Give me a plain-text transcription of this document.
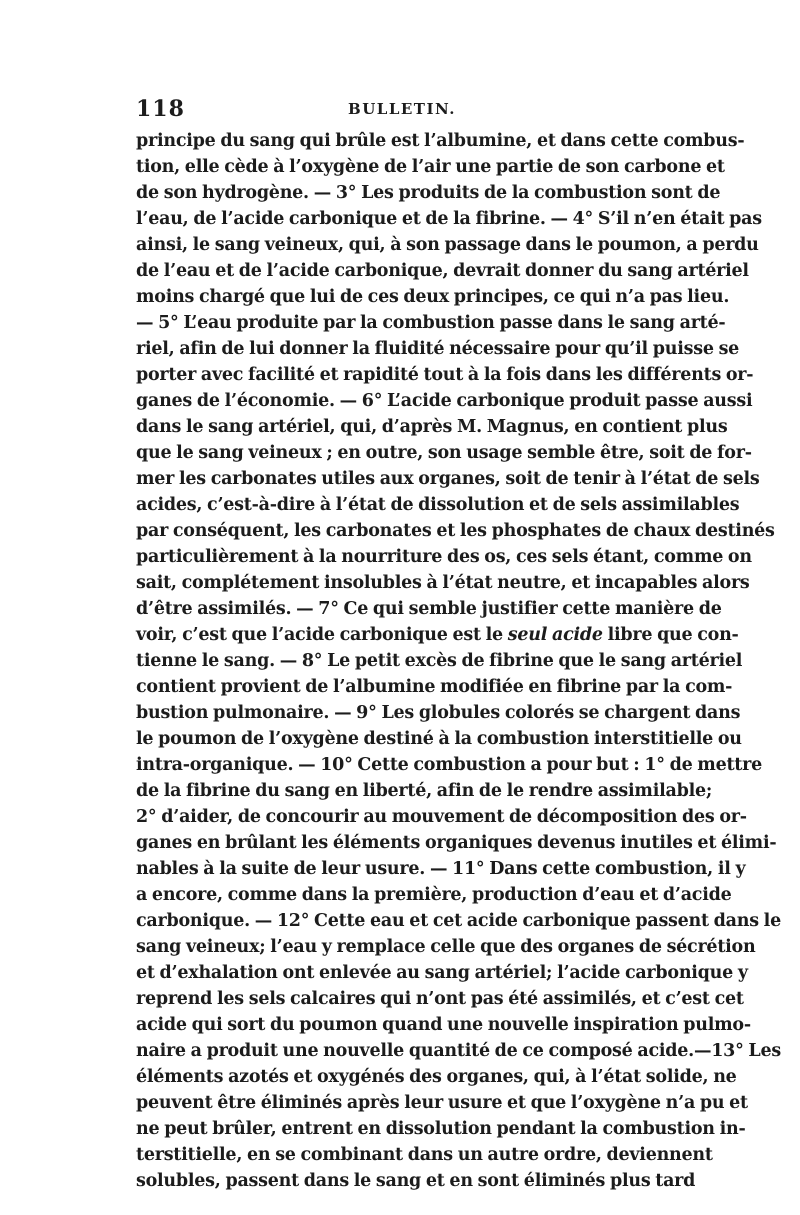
118	BULLETIN.
principe du sang qui brûle est l’albumine, et dans cette combus-
tion, elle cède à l’oxygène de l’air une partie de son carbone et
de son hydrogène. — 3° Les produits de la combustion sont de
l’eau, de l’acide carbonique et de la fibrine. — 4° S’il n’en était pas
ainsi, le sang veineux, qui, à son passage dans le poumon, a perdu
de l’eau et de l’acide carbonique, devrait donner du sang artériel
moins chargé que lui de ces deux principes, ce qui n’a pas lieu.
— 5° L’eau produite par la combustion passe dans le sang arté-
riel, afin de lui donner la fluidité nécessaire pour qu’il puisse se
porter avec facilité et rapidité tout à la fois dans les différents or-
ganes de l’économie. — 6° L’acide carbonique produit passe aussi
dans le sang artériel, qui, d’après M. Magnus, en contient plus
que le sang veineux ; en outre, son usage semble être, soit de for-
mer les carbonates utiles aux organes, soit de tenir à l’état de sels
acides, c’est-à-dire à l’état de dissolution et de sels assimilables
par conséquent, les carbonates et les phosphates de chaux destinés
particulièrement à la nourriture des os, ces sels étant, comme on
sait, complétement insolubles à l’état neutre, et incapables alors
d’être assimilés. — 7° Ce qui semble justifier cette manière de
voir, c’est que l’acide carbonique est le seul acide libre que con-
tienne le sang. — 8° Le petit excès de fibrine que le sang artériel
contient provient de l’albumine modifiée en fibrine par la com-
bustion pulmonaire. — 9° Les globules colorés se chargent dans
le poumon de l’oxygène destiné à la combustion interstitielle ou
intra-organique. — 10° Cette combustion a pour but : 1° de mettre
de la fibrine du sang en liberté, afin de le rendre assimilable;
2° d’aider, de concourir au mouvement de décomposition des or-
ganes en brûlant les éléments organiques devenus inutiles et élimi-
nables à la suite de leur usure. — 11° Dans cette combustion, il y
a encore, comme dans la première, production d’eau et d’acide
carbonique. — 12° Cette eau et cet acide carbonique passent dans le
sang veineux; l’eau y remplace celle que des organes de sécrétion
et d’exhalation ont enlevée au sang artériel; l’acide carbonique y
reprend les sels calcaires qui n’ont pas été assimilés, et c’est cet
acide qui sort du poumon quand une nouvelle inspiration pulmo-
naire a produit une nouvelle quantité de ce composé acide.—13° Les
éléments azotés et oxygénés des organes, qui, à l’état solide, ne
peuvent être éliminés après leur usure et que l’oxygène n’a pu et
ne peut brûler, entrent en dissolution pendant la combustion in-
terstitielle, en se combinant dans un autre ordre, deviennent
solubles, passent dans le sang et en sont éliminés plus tard
